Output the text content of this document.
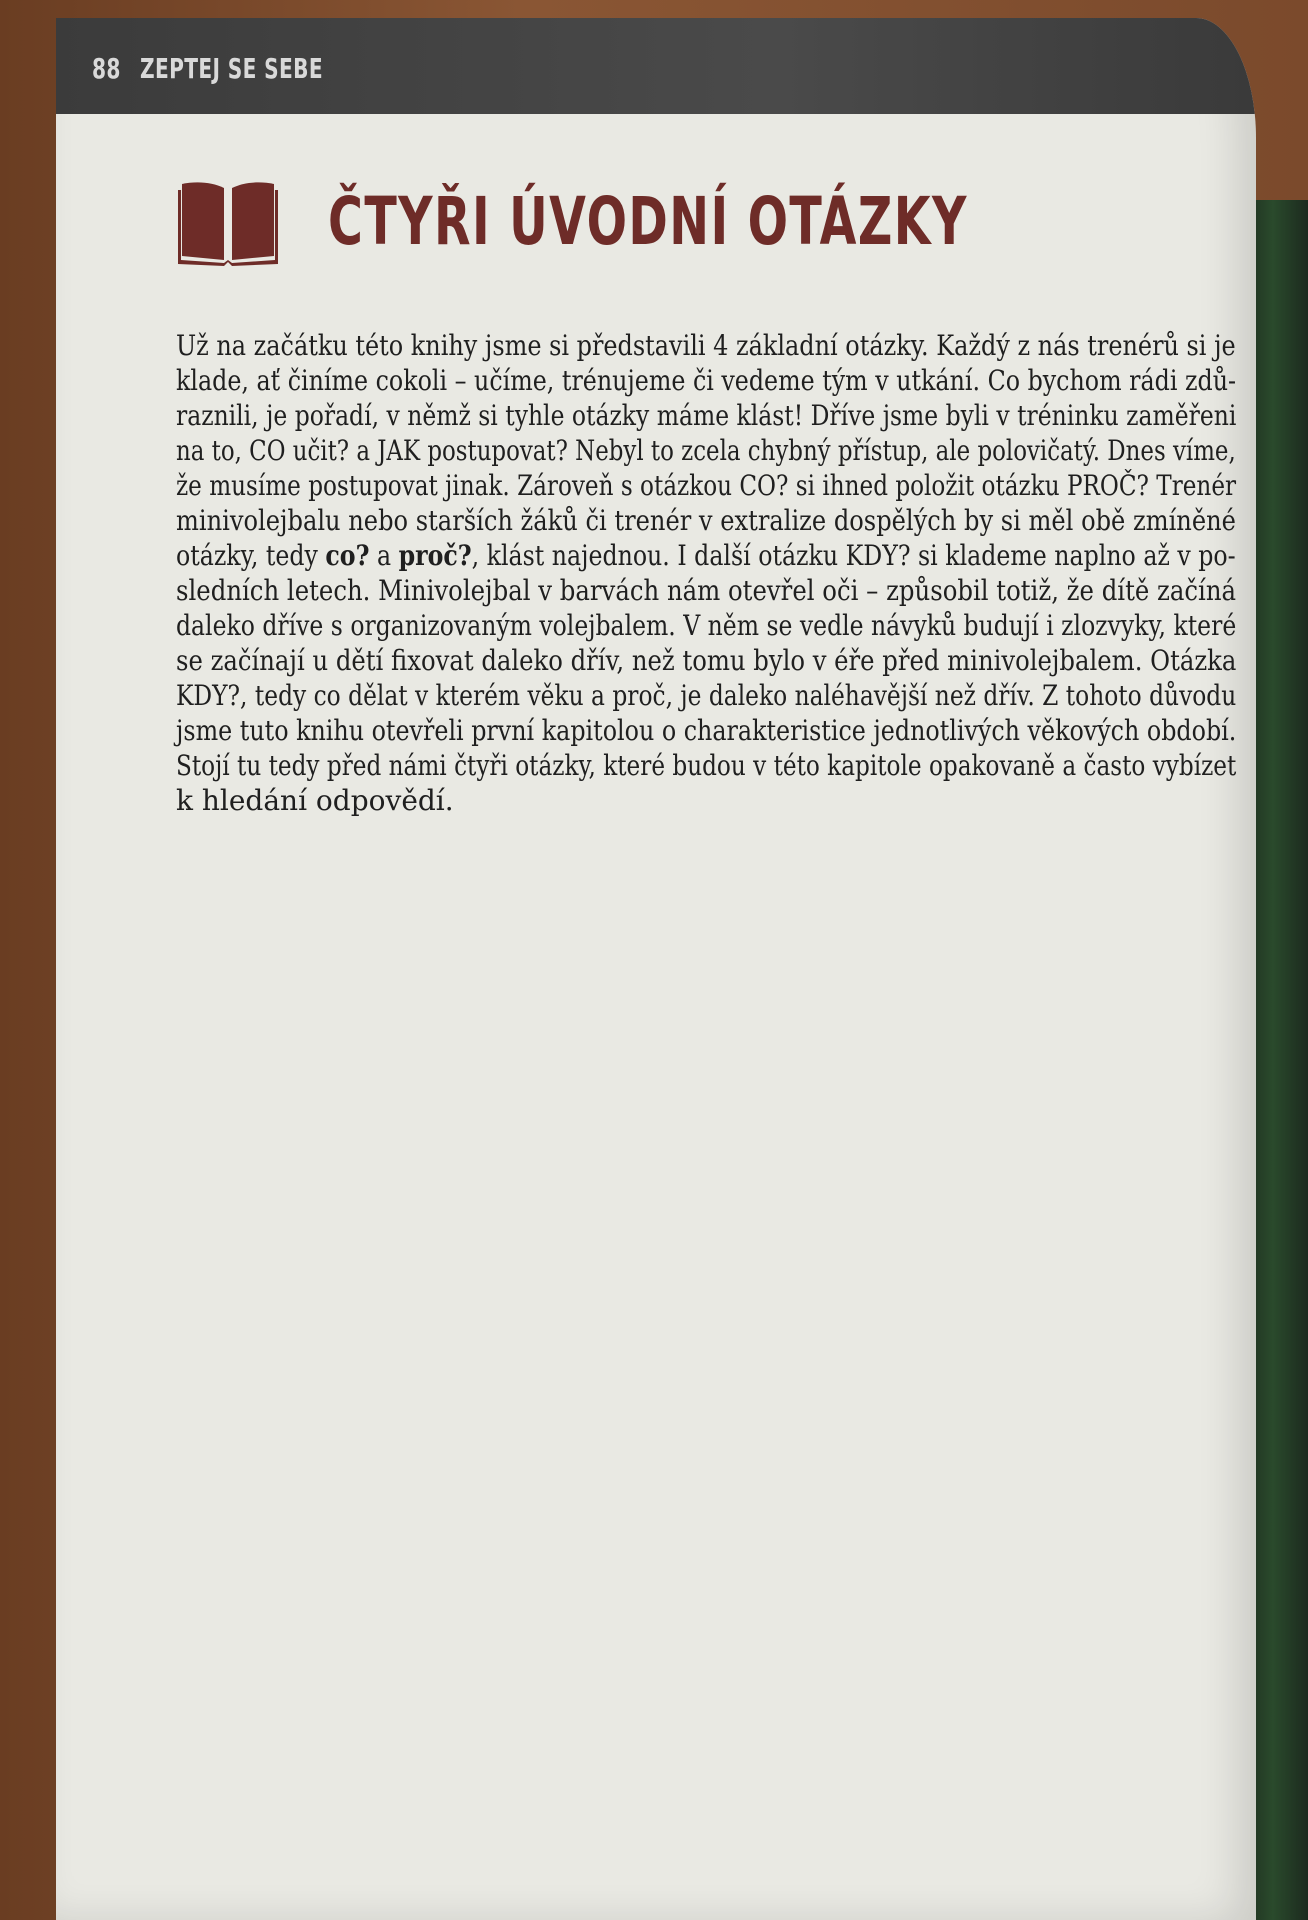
88 ZEPTEJ SE SEBE
ČTYŘI ÚVODNÍ OTÁZKY
Už na začátku této knihy jsme si představili 4 základní otázky. Každý z nás trenérů si je
klade, ať činíme cokoli – učíme, trénujeme či vedeme tým v utkání. Co bychom rádi zdů-
raznili, je pořadí, v němž si tyhle otázky máme klást! Dříve jsme byli v tréninku zaměřeni
na to, CO učit? a JAK postupovat? Nebyl to zcela chybný přístup, ale polovičatý. Dnes víme,
že musíme postupovat jinak. Zároveň s otázkou CO? si ihned položit otázku PROČ? Trenér
minivolejbalu nebo starších žáků či trenér v extralize dospělých by si měl obě zmíněné
otázky, tedy co? a proč?, klást najednou. I další otázku KDY? si klademe naplno až v po-
sledních letech. Minivolejbal v barvách nám otevřel oči – způsobil totiž, že dítě začíná
daleko dříve s organizovaným volejbalem. V něm se vedle návyků budují i zlozvyky, které
se začínají u dětí fixovat daleko dřív, než tomu bylo v éře před minivolejbalem. Otázka
KDY?, tedy co dělat v kterém věku a proč, je daleko naléhavější než dřív. Z tohoto důvodu
jsme tuto knihu otevřeli první kapitolou o charakteristice jednotlivých věkových období.
Stojí tu tedy před námi čtyři otázky, které budou v této kapitole opakovaně a často vybízet
k hledání odpovědí.
